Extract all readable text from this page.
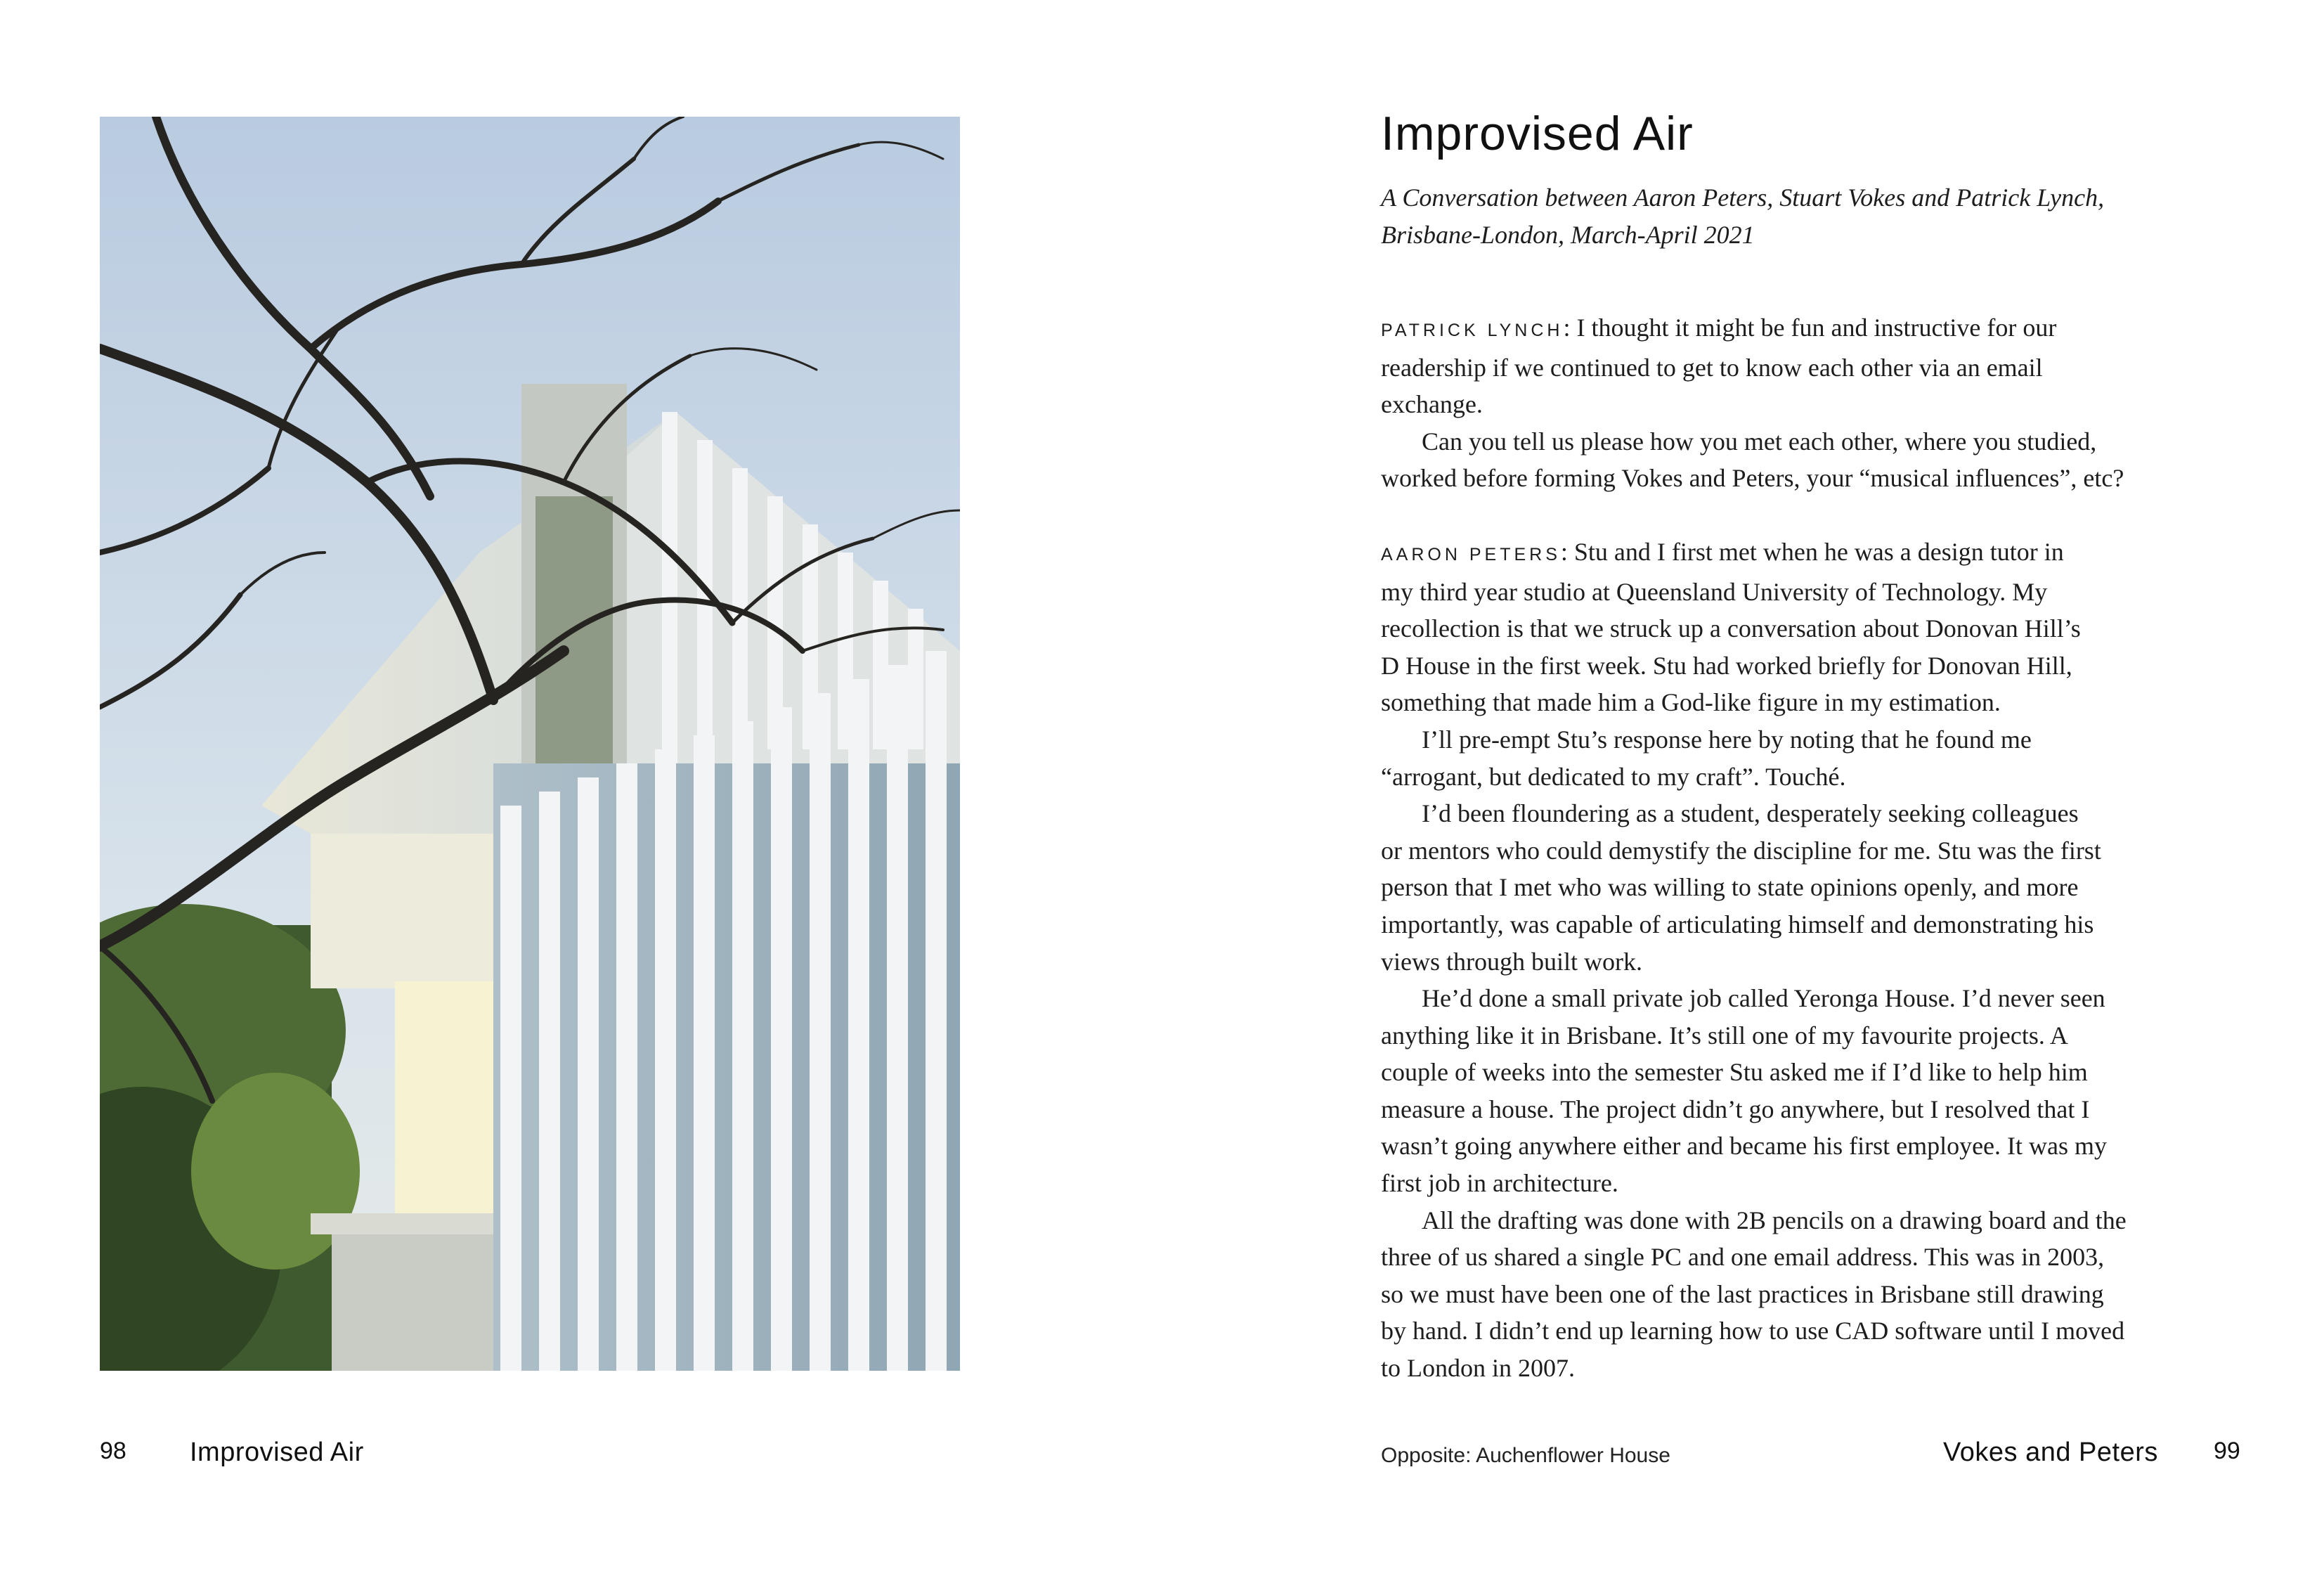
Improvised Air
A Conversation between Aaron Peters, Stuart Vokes and Patrick Lynch,
Brisbane-London, March-April 2021

PATRICK LYNCH: I thought it might be fun and instructive for our
readership if we continued to get to know each other via an email
exchange.

Can you tell us please how you met each other, where you studied,
worked before forming Vokes and Peters, your “musical influences”, etc?

AARON PETERS: Stu and I first met when he was a design tutor in
my third year studio at Queensland University of Technology. My
recollection is that we struck up a conversation about Donovan Hill’s
D House in the first week. Stu had worked briefly for Donovan Hill,
something that made him a God-like figure in my estimation.

I’ll pre-empt Stu’s response here by noting that he found me
“arrogant, but dedicated to my craft”. Touché.

I’d been floundering as a student, desperately seeking colleagues
or mentors who could demystify the discipline for me. Stu was the first
person that I met who was willing to state opinions openly, and more
importantly, was capable of articulating himself and demonstrating his
views through built work.

He’d done a small private job called Yeronga House. I’d never seen
anything like it in Brisbane. It’s still one of my favourite projects. A
couple of weeks into the semester Stu asked me if I’d like to help him
measure a house. The project didn’t go anywhere, but I resolved that I
wasn’t going anywhere either and became his first employee. It was my
first job in architecture.

All the drafting was done with 2B pencils on a drawing board and the
three of us shared a single PC and one email address. This was in 2003,
so we must have been one of the last practices in Brisbane still drawing
by hand. I didn’t end up learning how to use CAD software until I moved
to London in 2007.

98 Improvised Air	Opposite: Auchenflower House	Vokes and Peters 99
